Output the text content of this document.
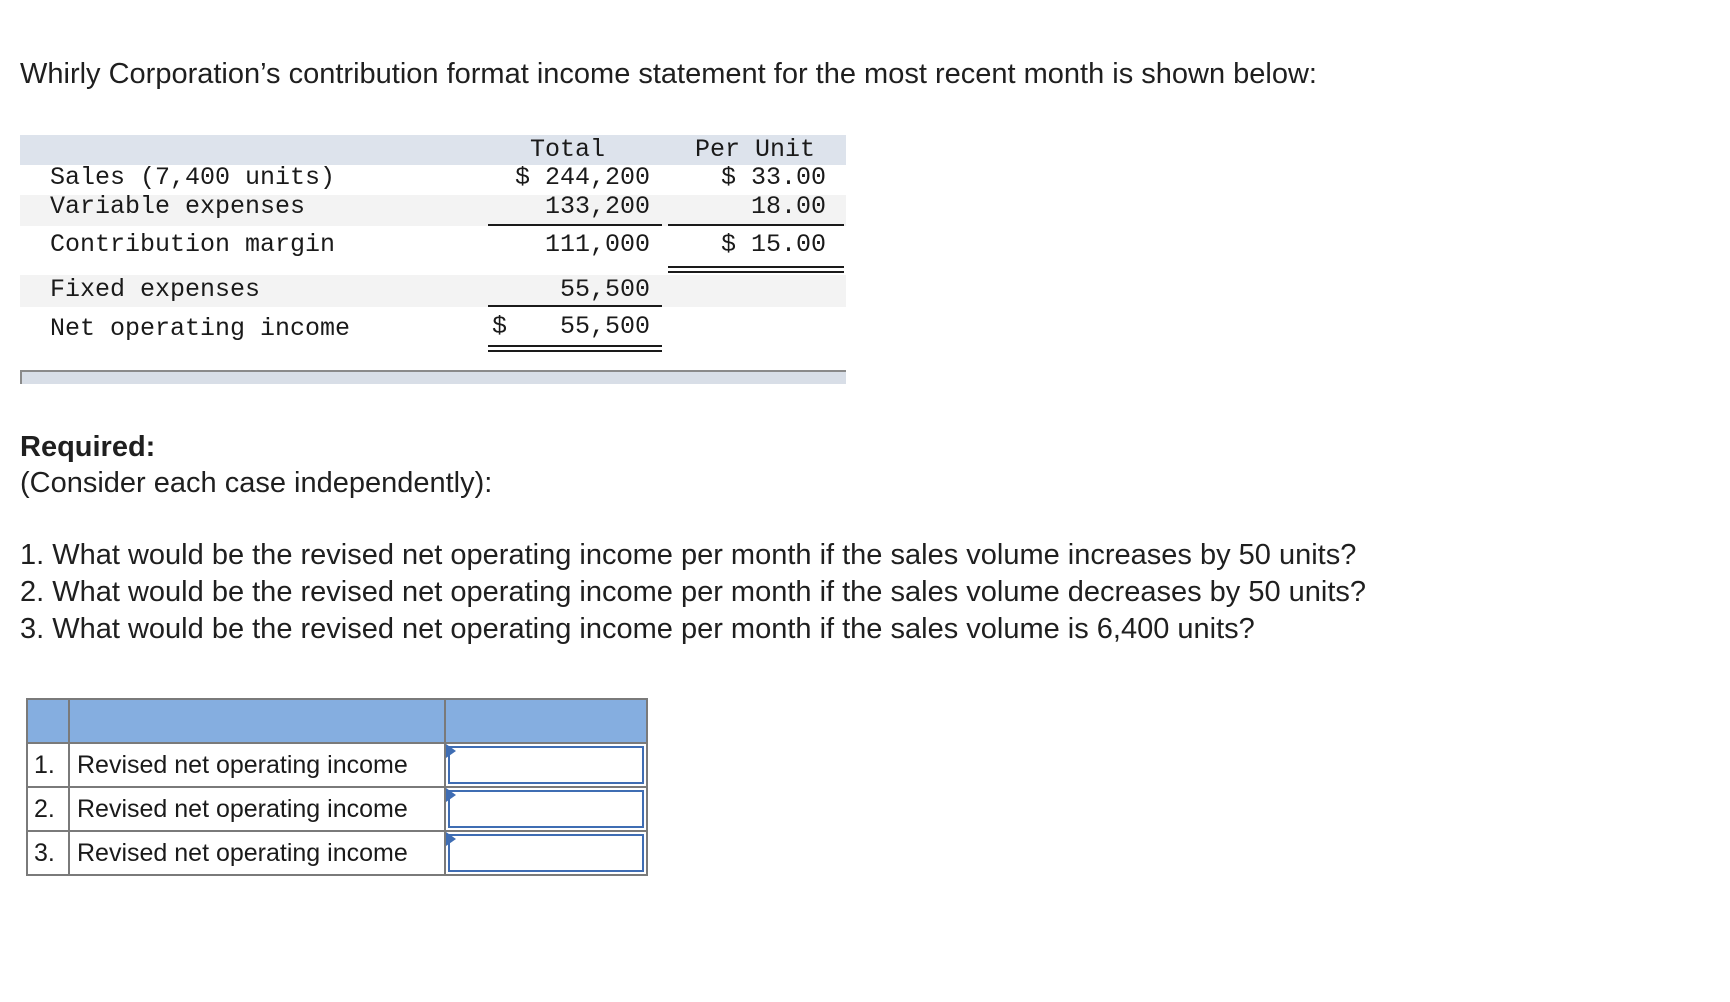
Whirly Corporation’s contribution format income statement for the most recent month is shown below:
Total	Per Unit
Sales (7,400 units)	$ 244,200	$ 33.00
Variable expenses	133,200	18.00
Contribution margin	111,000	$ 15.00
Fixed expenses	55,500
Net operating income	$	55,500
Required:

(Consider each case independently):

1. What would be the revised net operating income per month if the sales volume increases by 50 units?
2. What would be the revised net operating income per month if the sales volume decreases by 50 units?
3. What would be the revised net operating income per month if the sales volume is 6,400 units?

1.	Revised net operating income	

2.	Revised net operating income	

3.	Revised net operating income	
